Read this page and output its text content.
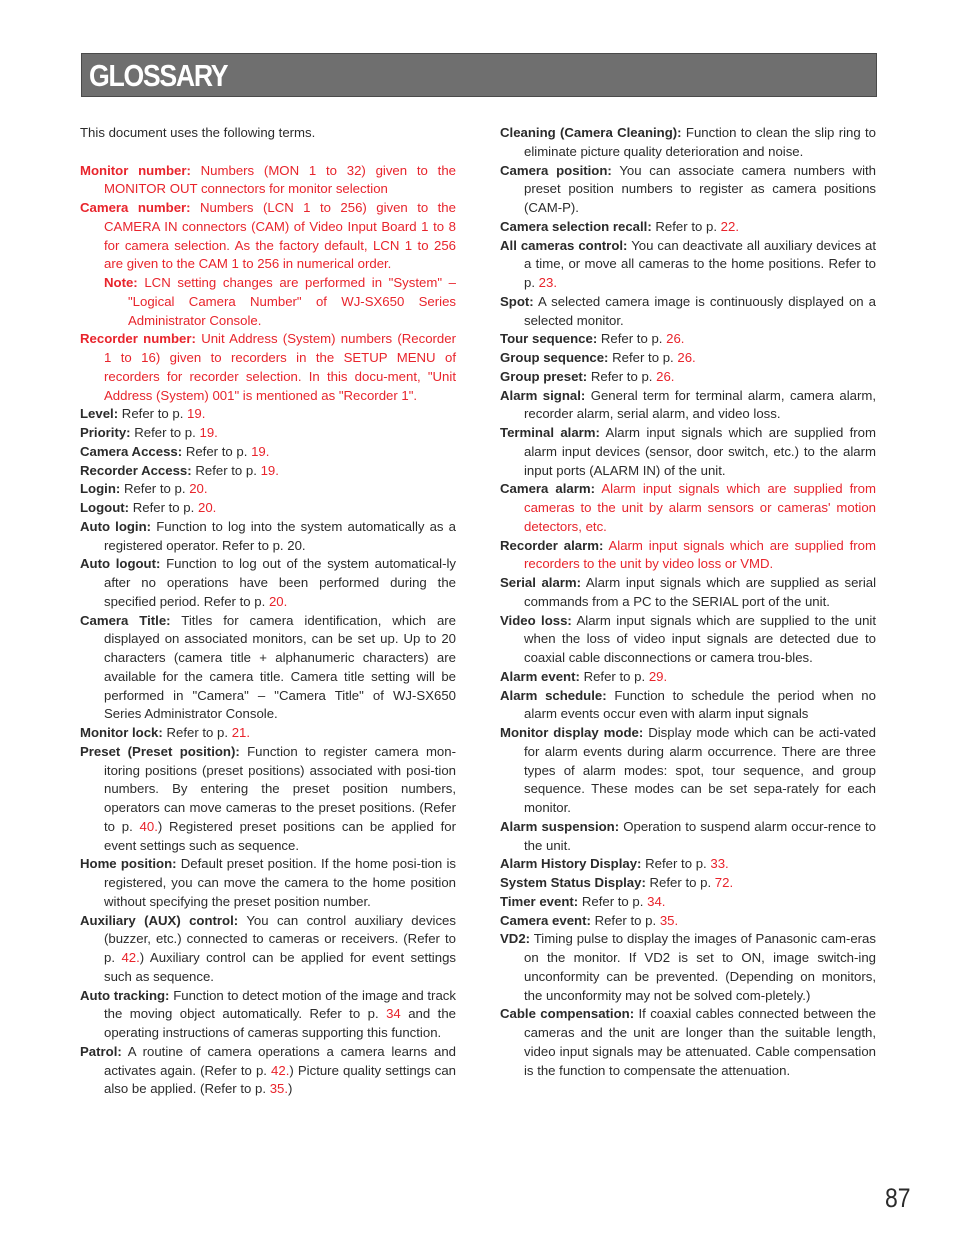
GLOSSARY

This document uses the following terms.

Monitor number: Numbers (MON 1 to 32) given to the MONITOR OUT connectors for monitor selection

Camera number: Numbers (LCN 1 to 256) given to the CAMERA IN connectors (CAM) of Video Input Board 1 to 8 for camera selection. As the factory default, LCN 1 to 256 are given to the CAM 1 to 256 in numerical order.

Note: LCN setting changes are performed in "System" – "Logical Camera Number" of WJ-SX650 Series Administrator Console.

Recorder number: Unit Address (System) numbers (Recorder 1 to 16) given to recorders in the SETUP MENU of recorders for recorder selection. In this docu-ment, "Unit Address (System) 001" is mentioned as "Recorder 1".

Level: Refer to p. 19.

Priority: Refer to p. 19.

Camera Access: Refer to p. 19.

Recorder Access: Refer to p. 19.

Login: Refer to p. 20.

Logout: Refer to p. 20.

Auto login: Function to log into the system automatically as a registered operator. Refer to p. 20.

Auto logout: Function to log out of the system automatical-ly after no operations have been performed during the specified period. Refer to p. 20.

Camera Title: Titles for camera identification, which are displayed on associated monitors, can be set up. Up to 20 characters (camera title + alphanumeric characters) are available for the camera title. Camera title setting will be performed in "Camera" – "Camera Title" of WJ-SX650 Series Administrator Console.

Monitor lock: Refer to p. 21.

Preset (Preset position): Function to register camera mon-itoring positions (preset positions) associated with posi-tion numbers. By entering the preset position numbers, operators can move cameras to the preset positions. (Refer to p. 40.) Registered preset positions can be applied for event settings such as sequence.

Home position: Default preset position. If the home posi-tion is registered, you can move the camera to the home position without specifying the preset position number.

Auxiliary (AUX) control: You can control auxiliary devices (buzzer, etc.) connected to cameras or receivers. (Refer to p. 42.) Auxiliary control can be applied for event settings such as sequence.

Auto tracking: Function to detect motion of the image and track the moving object automatically. Refer to p. 34 and the operating instructions of cameras supporting this function.

Patrol: A routine of camera operations a camera learns and activates again. (Refer to p. 42.) Picture quality settings can also be applied. (Refer to p. 35.)

Cleaning (Camera Cleaning): Function to clean the slip ring to eliminate picture quality deterioration and noise.

Camera position: You can associate camera numbers with preset position numbers to register as camera positions (CAM-P).

Camera selection recall: Refer to p. 22.

All cameras control: You can deactivate all auxiliary devices at a time, or move all cameras to the home positions. Refer to p. 23.

Spot: A selected camera image is continuously displayed on a selected monitor.

Tour sequence: Refer to p. 26.

Group sequence: Refer to p. 26.

Group preset: Refer to p. 26.

Alarm signal: General term for terminal alarm, camera alarm, recorder alarm, serial alarm, and video loss.

Terminal alarm: Alarm input signals which are supplied from alarm input devices (sensor, door switch, etc.) to the alarm input ports (ALARM IN) of the unit.

Camera alarm: Alarm input signals which are supplied from cameras to the unit by alarm sensors or cameras' motion detectors, etc.

Recorder alarm: Alarm input signals which are supplied from recorders to the unit by video loss or VMD.

Serial alarm: Alarm input signals which are supplied as serial commands from a PC to the SERIAL port of the unit.

Video loss: Alarm input signals which are supplied to the unit when the loss of video input signals are detected due to coaxial cable disconnections or camera trou-bles.

Alarm event: Refer to p. 29.

Alarm schedule: Function to schedule the period when no alarm events occur even with alarm input signals

Monitor display mode: Display mode which can be acti-vated for alarm events during alarm occurrence. There are three types of alarm modes: spot, tour sequence, and group sequence. These modes can be set sepa-rately for each monitor.

Alarm suspension: Operation to suspend alarm occur-rence to the unit.

Alarm History Display: Refer to p. 33.

System Status Display: Refer to p. 72.

Timer event: Refer to p. 34.

Camera event: Refer to p. 35.

VD2: Timing pulse to display the images of Panasonic cam-eras on the monitor. If VD2 is set to ON, image switch-ing unconformity can be prevented. (Depending on monitors, the unconformity may not be solved com-pletely.)

Cable compensation: If coaxial cables connected between the cameras and the unit are longer than the suitable length, video input signals may be attenuated. Cable compensation is the function to compensate the attenuation.

87
